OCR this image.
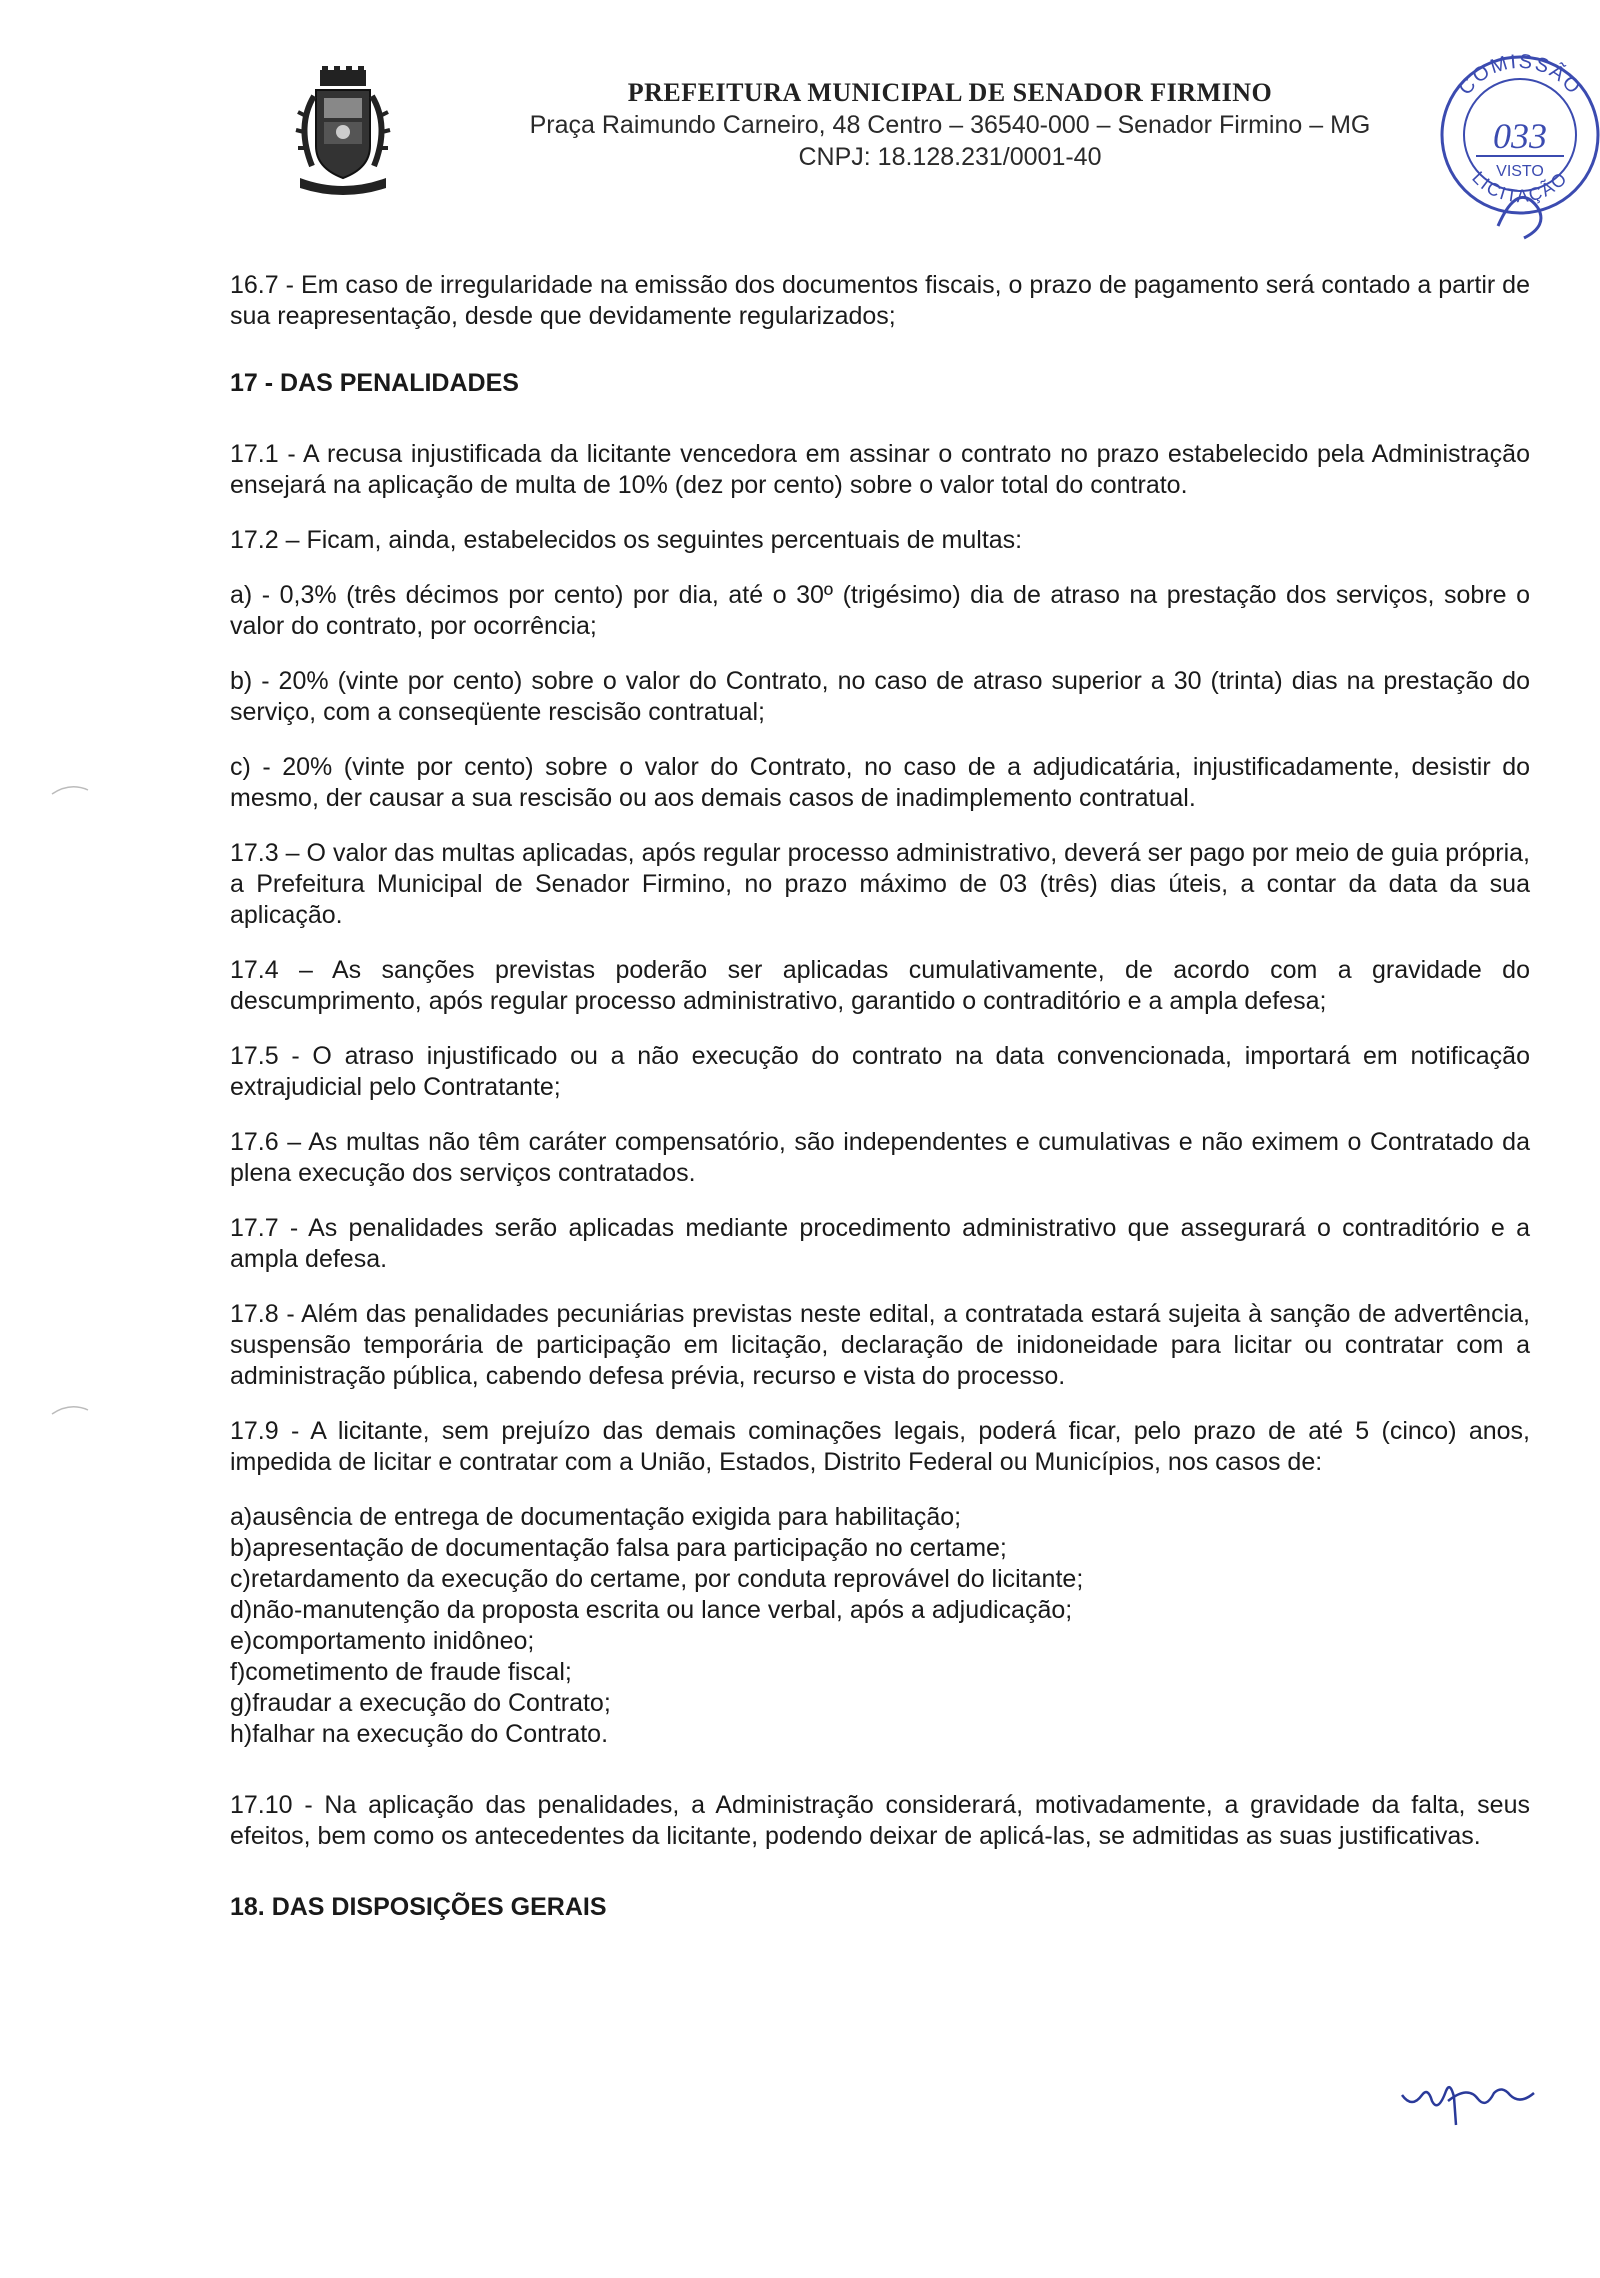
PREFEITURA MUNICIPAL DE SENADOR FIRMINO
Praça Raimundo Carneiro, 48 Centro – 36540-000 – Senador Firmino – MG
CNPJ: 18.128.231/0001-40
COMISSÃO
033
VISTO
LICITAÇÃO

16.7 - Em caso de irregularidade na emissão dos documentos fiscais, o prazo de pagamento será contado a partir de sua reapresentação, desde que devidamente regularizados;

17 - DAS PENALIDADES

17.1 - A recusa injustificada da licitante vencedora em assinar o contrato no prazo estabelecido pela Administração ensejará na aplicação de multa de 10% (dez por cento) sobre o valor total do contrato.

17.2 – Ficam, ainda, estabelecidos os seguintes percentuais de multas:

a) - 0,3% (três décimos por cento) por dia, até o 30º (trigésimo) dia de atraso na prestação dos serviços, sobre o valor do contrato, por ocorrência;

b) - 20% (vinte por cento) sobre o valor do Contrato, no caso de atraso superior a 30 (trinta) dias na prestação do serviço, com a conseqüente rescisão contratual;

c) - 20% (vinte por cento) sobre o valor do Contrato, no caso de a adjudicatária, injustificadamente, desistir do mesmo, der causar a sua rescisão ou aos demais casos de inadimplemento contratual.

17.3 – O valor das multas aplicadas, após regular processo administrativo, deverá ser pago por meio de guia própria, a Prefeitura Municipal de Senador Firmino, no prazo máximo de 03 (três) dias úteis, a contar da data da sua aplicação.

17.4 – As sanções previstas poderão ser aplicadas cumulativamente, de acordo com a gravidade do descumprimento, após regular processo administrativo, garantido o contraditório e a ampla defesa;

17.5 - O atraso injustificado ou a não execução do contrato na data convencionada, importará em notificação extrajudicial pelo Contratante;

17.6 – As multas não têm caráter compensatório, são independentes e cumulativas e não eximem o Contratado da plena execução dos serviços contratados.

17.7 - As penalidades serão aplicadas mediante procedimento administrativo que assegurará o contraditório e a ampla defesa.

17.8 - Além das penalidades pecuniárias previstas neste edital, a contratada estará sujeita à sanção de advertência, suspensão temporária de participação em licitação, declaração de inidoneidade para licitar ou contratar com a administração pública, cabendo defesa prévia, recurso e vista do processo.

17.9 - A licitante, sem prejuízo das demais cominações legais, poderá ficar, pelo prazo de até 5 (cinco) anos, impedida de licitar e contratar com a União, Estados, Distrito Federal ou Municípios, nos casos de:

a)ausência de entrega de documentação exigida para habilitação;
b)apresentação de documentação falsa para participação no certame;
c)retardamento da execução do certame, por conduta reprovável do licitante;
d)não-manutenção da proposta escrita ou lance verbal, após a adjudicação;
e)comportamento inidôneo;
f)cometimento de fraude fiscal;
g)fraudar a execução do Contrato;
h)falhar na execução do Contrato.

17.10 - Na aplicação das penalidades, a Administração considerará, motivadamente, a gravidade da falta, seus efeitos, bem como os antecedentes da licitante, podendo deixar de aplicá-las, se admitidas as suas justificativas.

18. DAS DISPOSIÇÕES GERAIS
